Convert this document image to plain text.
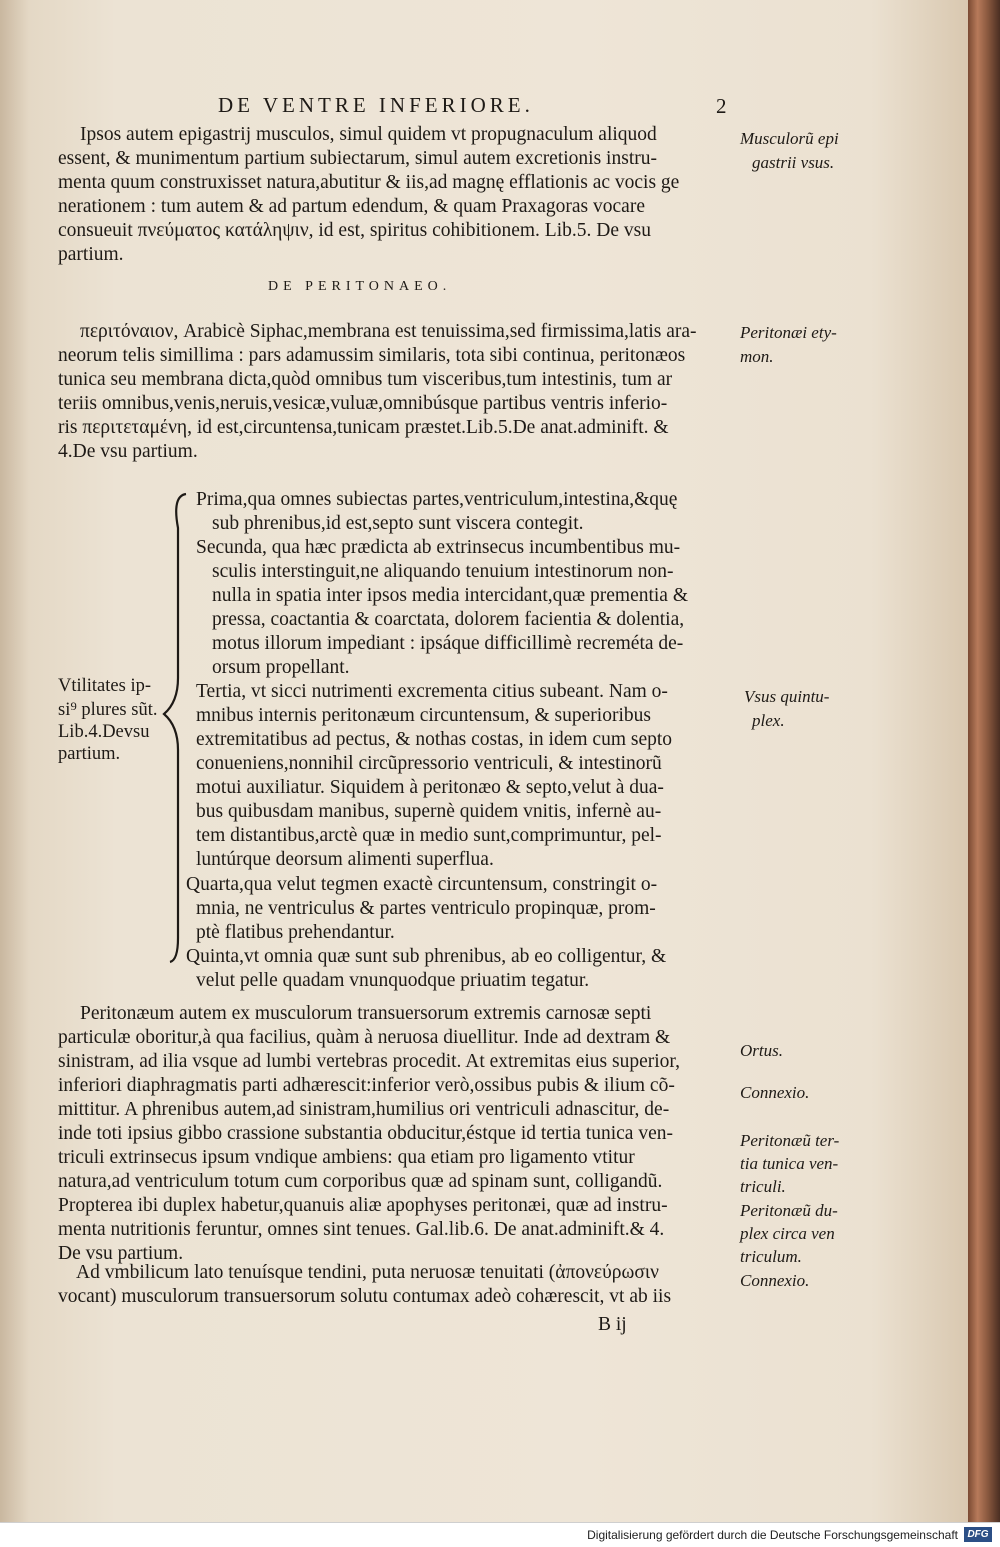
DE VENTRE INFERIORE.	2
Ipsos autem epigastrij musculos, simul quidem vt propugnaculum aliquod
essent, & munimentum partium subiectarum, simul autem excretionis instru-
menta quum construxisset natura,abutitur & iis,ad magnę efflationis ac vocis ge
nerationem : tum autem & ad partum edendum, & quam Praxagoras vocare
consueuit πνεύματος κατάληψιν, id est, spiritus cohibitionem. Lib.5. De vsu
partium.
Musculorũ epi
gastrii vsus.
DE PERITONAEO.
περιτόναιον, Arabicè Siphac,membrana est tenuissima,sed firmissima,latis ara-
neorum telis simillima : pars adamussim similaris, tota sibi continua, peritonæos
tunica seu membrana dicta,quòd omnibus tum visceribus,tum intestinis, tum ar
teriis omnibus,venis,neruis,vesicæ,vuluæ,omnibúsque partibus ventris inferio-
ris περιτεταμένη, id est,circuntensa,tunicam præstet.Lib.5.De anat.adminift. &
4.De vsu partium.
Peritonæi ety-
mon.
Vtilitates ip-
si⁹ plures sũt.
Lib.4.Devsu
partium.
Prima,qua omnes subiectas partes,ventriculum,intestina,&quę
sub phrenibus,id est,septo sunt viscera contegit.
Secunda, qua hæc prædicta ab extrinsecus incumbentibus mu-
sculis interstinguit,ne aliquando tenuium intestinorum non-
nulla in spatia inter ipsos media intercidant,quæ prementia &
pressa, coactantia & coarctata, dolorem facientia & dolentia,
motus illorum impediant : ipsáque difficillimè recreméta de-
orsum propellant.
Tertia, vt sicci nutrimenti excrementa citius subeant. Nam o-
mnibus internis peritonæum circuntensum, & superioribus
extremitatibus ad pectus, & nothas costas, in idem cum septo
conueniens,nonnihil circũpressorio ventriculi, & intestinorũ
motui auxiliatur. Siquidem à peritonæo & septo,velut à dua-
bus quibusdam manibus, supernè quidem vnitis, infernè au-
tem distantibus,arctè quæ in medio sunt,comprimuntur, pel-
luntúrque deorsum alimenti superflua.
Quarta,qua velut tegmen exactè circuntensum, constringit o-
mnia, ne ventriculus & partes ventriculo propinquæ, prom-
ptè flatibus prehendantur.
Quinta,vt omnia quæ sunt sub phrenibus, ab eo colligentur, &
velut pelle quadam vnunquodque priuatim tegatur.
Vsus quintu-
plex.
Peritonæum autem ex musculorum transuersorum extremis carnosæ septi
particulæ oboritur,à qua facilius, quàm à neruosa diuellitur. Inde ad dextram &
sinistram, ad ilia vsque ad lumbi vertebras procedit. At extremitas eius superior,
inferiori diaphragmatis parti adhærescit:inferior verò,ossibus pubis & ilium cõ-
mittitur. A phrenibus autem,ad sinistram,humilius ori ventriculi adnascitur, de-
inde toti ipsius gibbo crassione substantia obducitur,éstque id tertia tunica ven-
triculi extrinsecus ipsum vndique ambiens: qua etiam pro ligamento vtitur
natura,ad ventriculum totum cum corporibus quæ ad spinam sunt, colligandũ.
Propterea ibi duplex habetur,quanuis aliæ apophyses peritonæi, quæ ad instru-
menta nutritionis feruntur, omnes sint tenues. Gal.lib.6. De anat.adminift.& 4.
De vsu partium.
Ortus.
Connexio.
Peritonæũ ter-
tia tunica ven-
triculi.
Peritonæũ du-
plex circa ven
triculum.
Connexio.
Ad vmbilicum lato tenuísque tendini, puta neruosæ tenuitati (ἀπονεύρωσιν
vocant) musculorum transuersorum solutu contumax adeò cohærescit, vt ab iis
B ij
Digitalisierung gefördert durch die Deutsche Forschungsgemeinschaft DFG
